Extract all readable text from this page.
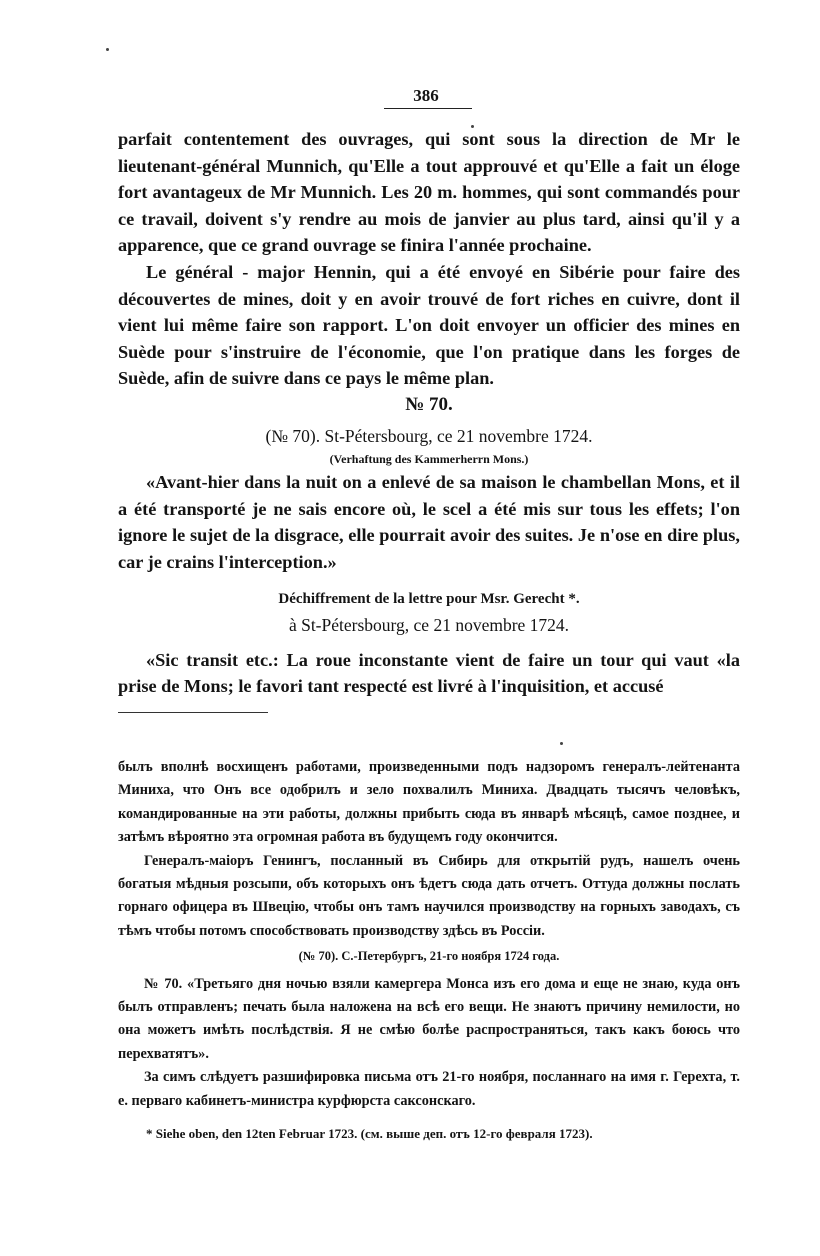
386

parfait contentement des ouvrages, qui sont sous la direction de Mr le lieutenant-général Munnich, qu'Elle a tout approuvé et qu'Elle a fait un éloge fort avantageux de Mr Munnich. Les 20 m. hommes, qui sont commandés pour ce travail, doivent s'y rendre au mois de janvier au plus tard, ainsi qu'il y a apparence, que ce grand ouvrage se finira l'année prochaine.

Le général - major Hennin, qui a été envoyé en Sibérie pour faire des découvertes de mines, doit y en avoir trouvé de fort riches en cuivre, dont il vient lui même faire son rapport. L'on doit envoyer un officier des mines en Suède pour s'instruire de l'économie, que l'on pratique dans les forges de Suède, afin de suivre dans ce pays le même plan.

№ 70.

(№ 70). St-Pétersbourg, ce 21 novembre 1724.

(Verhaftung des Kammerherrn Mons.)

«Avant-hier dans la nuit on a enlevé de sa maison le chambellan Mons, et il a été transporté je ne sais encore où, le scel a été mis sur tous les effets; l'on ignore le sujet de la disgrace, elle pourrait avoir des suites. Je n'ose en dire plus, car je crains l'interception.»

Déchiffrement de la lettre pour Msr. Gerecht *.

à St-Pétersbourg, ce 21 novembre 1724.

«Sic transit etc.: La roue inconstante vient de faire un tour qui vaut «la prise de Mons; le favori tant respecté est livré à l'inquisition, et accusé

былъ вполнѣ восхищенъ работами, произведенными подъ надзоромъ генералъ-лейтенанта Миниха, что Онъ все одобрилъ и зело похвалилъ Миниха. Двадцать тысячъ человѣкъ, командированные на эти работы, должны прибыть сюда въ январѣ мѣсяцѣ, самое позднее, и затѣмъ вѣроятно эта огромная работа въ будущемъ году окончится.

Генералъ-маіоръ Генингъ, посланный въ Сибирь для открытій рудъ, нашелъ очень богатыя мѣдныя розсыпи, объ которыхъ онъ ѣдетъ сюда дать отчетъ. Оттуда должны послать горнаго офицера въ Швецію, чтобы онъ тамъ научился производству на горныхъ заводахъ, съ тѣмъ чтобы потомъ способствовать производству здѣсь въ Россіи.

(№ 70). С.-Петербургъ, 21-го ноября 1724 года.

№ 70. «Третьяго дня ночью взяли камергера Монса изъ его дома и еще не знаю, куда онъ былъ отправленъ; печать была наложена на всѣ его вещи. Не знаютъ причину немилости, но она можетъ имѣть послѣдствія. Я не смѣю болѣе распространяться, такъ какъ боюсь что перехватятъ».

За симъ слѣдуетъ разшифировка письма отъ 21-го ноября, посланнаго на имя г. Герехта, т. е. перваго кабинетъ-министра курфюрста саксонскаго.

* Siehe oben, den 12ten Februar 1723. (см. выше деп. отъ 12-го февраля 1723).
